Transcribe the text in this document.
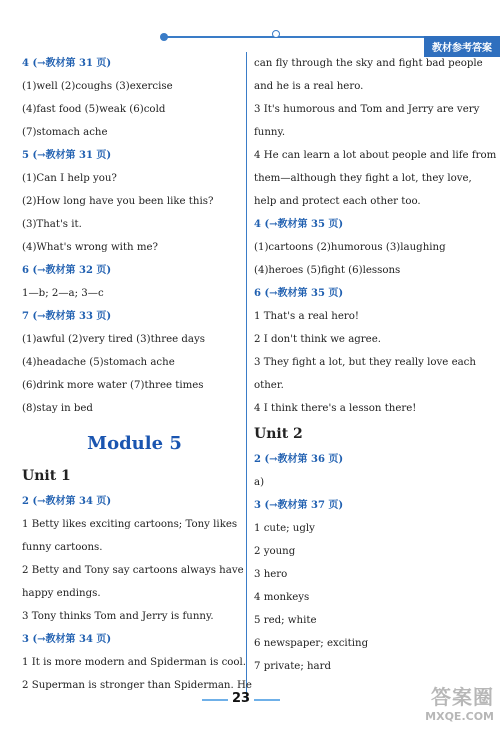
教材参考答案
4 (→教材第 31 页)
(1)well (2)coughs (3)exercise
(4)fast food (5)weak (6)cold
(7)stomach ache
5 (→教材第 31 页)
(1)Can I help you?
(2)How long have you been like this?
(3)That's it.
(4)What's wrong with me?
6 (→教材第 32 页)
1—b; 2—a; 3—c
7 (→教材第 33 页)
(1)awful (2)very tired (3)three days
(4)headache (5)stomach ache
(6)drink more water (7)three times
(8)stay in bed
Module 5
Unit 1
2 (→教材第 34 页)
1 Betty likes exciting cartoons; Tony likes
funny cartoons.
2 Betty and Tony say cartoons always have
happy endings.
3 Tony thinks Tom and Jerry is funny.
3 (→教材第 34 页)
1 It is more modern and Spiderman is cool.
2 Superman is stronger than Spiderman. He
can fly through the sky and fight bad people
and he is a real hero.
3 It's humorous and Tom and Jerry are very
funny.
4 He can learn a lot about people and life from
them—although they fight a lot, they love,
help and protect each other too.
4 (→教材第 35 页)
(1)cartoons (2)humorous (3)laughing
(4)heroes (5)fight (6)lessons
6 (→教材第 35 页)
1 That's a real hero!
2 I don't think we agree.
3 They fight a lot, but they really love each
other.
4 I think there's a lesson there!
Unit 2
2 (→教材第 36 页)
a)
3 (→教材第 37 页)
1 cute; ugly
2 young
3 hero
4 monkeys
5 red; white
6 newspaper; exciting
7 private; hard
23	答案圈
MXQE.COM
